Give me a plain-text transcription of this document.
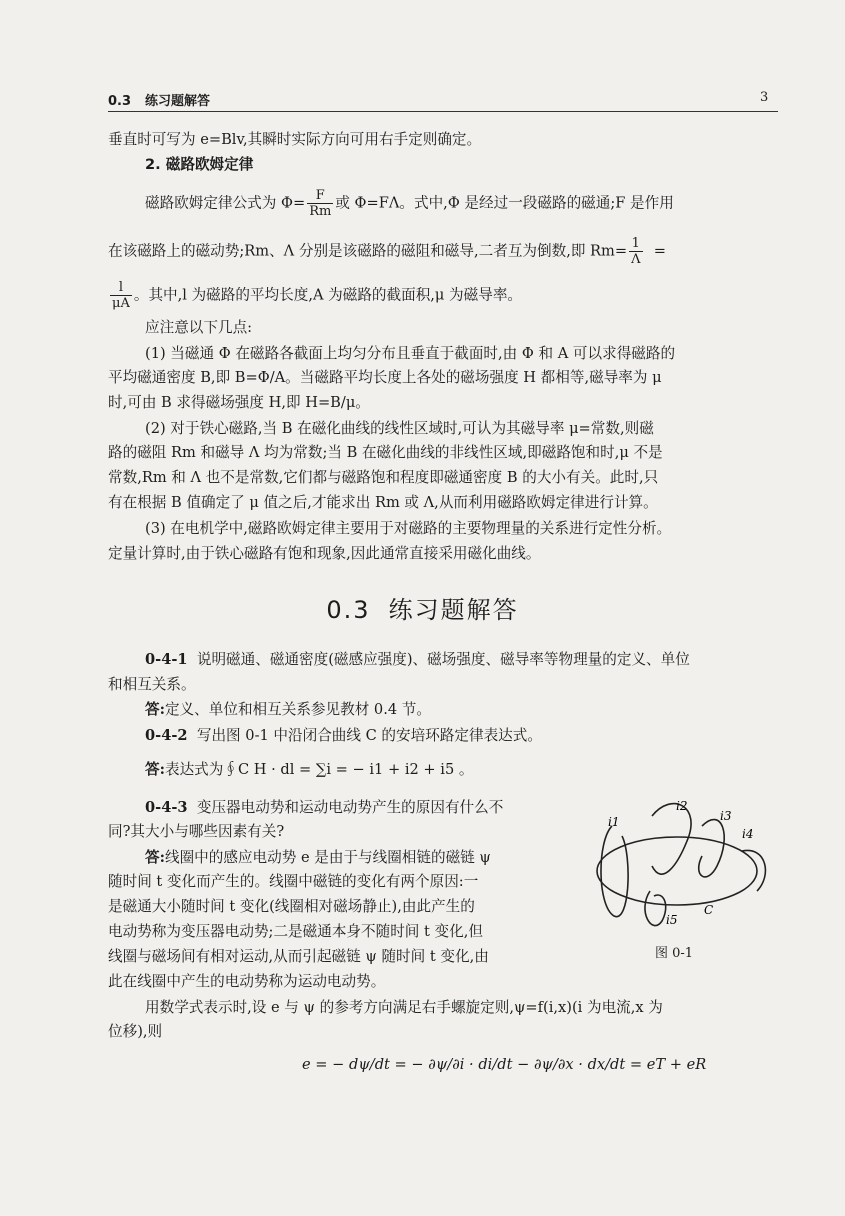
0.3 练习题解答	3
垂直时可写为 e=Blv,其瞬时实际方向可用右手定则确定。
2. 磁路欧姆定律
磁路欧姆定律公式为 $\Phi= \frac{F}{Rm}$ 或 Φ=FΛ。式中,Φ 是经过一段磁路的磁通;F 是作用
在该磁路上的磁动势;Rm、Λ 分别是该磁路的磁阻和磁导,二者互为倒数,即 $Rm= \frac{1}{\Lambda}$ =
$\frac{l}{\mu A}$ 。其中,l 为磁路的平均长度,A 为磁路的截面积,μ 为磁导率。
应注意以下几点:
(1) 当磁通 Φ 在磁路各截面上均匀分布且垂直于截面时,由 Φ 和 A 可以求得磁路的
平均磁通密度 B,即 B=Φ/A。当磁路平均长度上各处的磁场强度 H 都相等,磁导率为 μ
时,可由 B 求得磁场强度 H,即 H=B/μ。
(2) 对于铁心磁路,当 B 在磁化曲线的线性区域时,可认为其磁导率 μ=常数,则磁
路的磁阻 Rm 和磁导 Λ 均为常数;当 B 在磁化曲线的非线性区域,即磁路饱和时,μ 不是
常数,Rm 和 Λ 也不是常数,它们都与磁路饱和程度即磁通密度 B 的大小有关。此时,只
有在根据 B 值确定了 μ 值之后,才能求出 Rm 或 Λ,从而利用磁路欧姆定律进行计算。
(3) 在电机学中,磁路欧姆定律主要用于对磁路的主要物理量的关系进行定性分析。
定量计算时,由于铁心磁路有饱和现象,因此通常直接采用磁化曲线。
0.3 练习题解答
0-4-1 说明磁通、磁通密度(磁感应强度)、磁场强度、磁导率等物理量的定义、单位
和相互关系。
答:定义、单位和相互关系参见教材 0.4 节。
0-4-2 写出图 0-1 中沿闭合曲线 C 的安培环路定律表达式。
答:表达式为∮C H · dl = ∑i = − i1 + i2 + i5 。
0-4-3 变压器电动势和运动电动势产生的原因有什么不
同?其大小与哪些因素有关?
答:线圈中的感应电动势 e 是由于与线圈相链的磁链 ψ
随时间 t 变化而产生的。线圈中磁链的变化有两个原因:一
是磁通大小随时间 t 变化(线圈相对磁场静止),由此产生的
电动势称为变压器电动势;二是磁通本身不随时间 t 变化,但
线圈与磁场间有相对运动,从而引起磁链 ψ 随时间 t 变化,由
此在线圈中产生的电动势称为运动电动势。
用数学式表示时,设 e 与 ψ 的参考方向满足右手螺旋定则,ψ=f(i,x)(i 为电流,x 为
位移),则
e = − dψ/dt = − ∂ψ/∂i · di/dt − ∂ψ/∂x · dx/dt = eT + eR
i1
i2
i3
i4
i5
C
图 0-1
